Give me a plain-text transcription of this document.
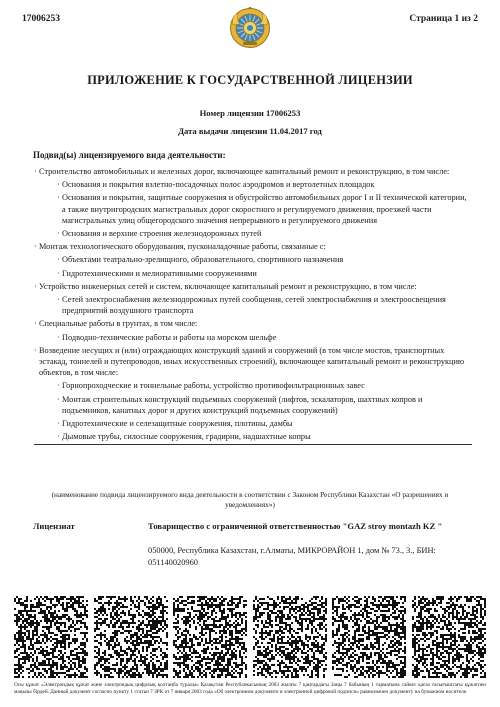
17006253	Страница 1 из 2
ПРИЛОЖЕНИЕ К ГОСУДАРСТВЕННОЙ ЛИЦЕНЗИИ
Номер лицензии 17006253
Дата выдачи лицензии 11.04.2017 год
Подвид(ы) лицензируемого вида деятельности:
· Строительство автомобильных и железных дорог, включающее капитальный ремонт и реконструкцию, в том числе:
· Основания и покрытия взлетно-посадочных полос аэродромов и вертолетных площадок
· Основания и покрытия, защитные сооружения и обустройство автомобильных дорог I и II технической категории, а также внутригородских магистральных дорог скоростного и регулируемого движения, проезжей части магистральных улиц общегородского значения непрерывного и регулируемого движения
· Основания и верхние строения железнодорожных путей
· Монтаж технологического оборудования, пусконаладочные работы, связанные с:
· Объектами театрально-зрелищного, образовательного, спортивного назначения
· Гидротехническими и мелиоративными сооружениями
· Устройство инженерных сетей и систем, включающее капитальный ремонт и реконструкцию, в том числе:
· Сетей электроснабжения железнодорожных путей сообщения, сетей электроснабжения и электроосвещения предприятий воздушного транспорта
· Специальные работы в грунтах, в том числе:
· Подводно-технические работы и работы на морском шельфе
· Возведение несущих и (или) ограждающих конструкций зданий и сооружений (в том числе мостов, транспортных эстакад, тоннелей и путепроводов, иных искусственных строений), включающее капитальный ремонт и реконструкцию объектов, в том числе:
· Горнопроходческие и тоннельные работы, устройство противофильтрационных завес
· Монтаж строительных конструкций подъемных сооружений (лифтов, эскалаторов, шахтных копров и подъемников, канатных дорог и других конструкций подъемных сооружений)
· Гидротехнические и селезащитные сооружения, плотины, дамбы
· Дымовые трубы, силосные сооружения, градирни, надшахтные копры
(наименование подвида лицензируемого вида деятельности в соответствии с Законом Республики Казахстан «О разрешениях и уведомлениях»)
Лицензиат	Товарищество с ограниченной ответственностью "GAZ stroy montazh KZ "
050000, Республика Казахстан, г.Алматы, МИКРОРАЙОН 1, дом № 73., 3., БИН: 051140020960
Осы құжат «Электрондық құжат және электрондық цифрлық қолтаңба туралы» Қазақстан Республикасының 2003 жылғы 7 қаңтардағы Заңы 7 бабының 1 тармағына сәйкес қағаз тасығыштағы құжатпен маңызы бірдей. Данный документ согласно пункту 1 статьи 7 ЗРК от 7 января 2003 года «Об электронном документе и электронной цифровой подписи» равнозначен документу на бумажном носителе.
